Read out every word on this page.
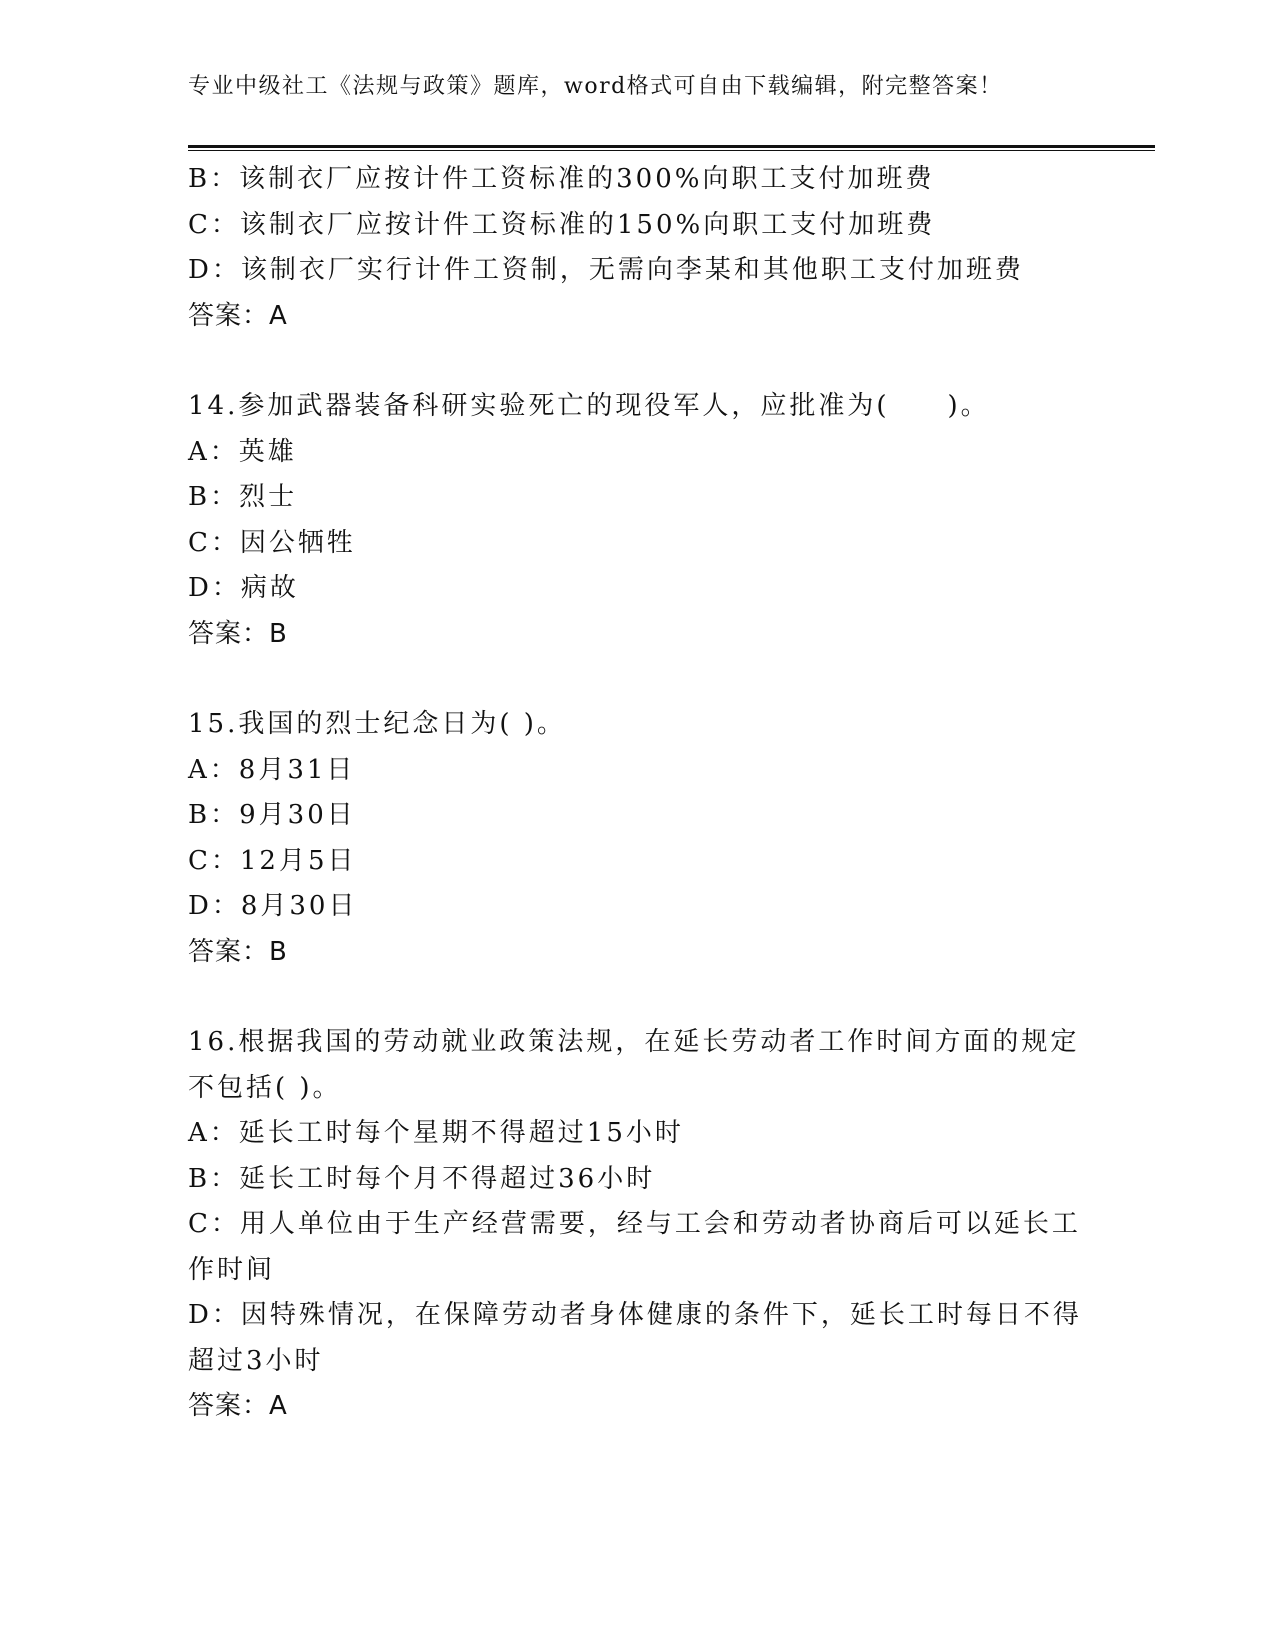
专业中级社工《法规与政策》题库，word格式可自由下载编辑，附完整答案！
B：该制衣厂应按计件工资标准的300%向职工支付加班费
C：该制衣厂应按计件工资标准的150%向职工支付加班费
D：该制衣厂实行计件工资制，无需向李某和其他职工支付加班费
答案：A
14.参加武器装备科研实验死亡的现役军人，应批准为(　　)。
A：英雄
B：烈士
C：因公牺牲
D：病故
答案：B
15.我国的烈士纪念日为( )。
A：8月31日
B：9月30日
C：12月5日
D：8月30日
答案：B
16.根据我国的劳动就业政策法规，在延长劳动者工作时间方面的规定
不包括( )。
A：延长工时每个星期不得超过15小时
B：延长工时每个月不得超过36小时
C：用人单位由于生产经营需要，经与工会和劳动者协商后可以延长工
作时间
D：因特殊情况，在保障劳动者身体健康的条件下，延长工时每日不得
超过3小时
答案：A
